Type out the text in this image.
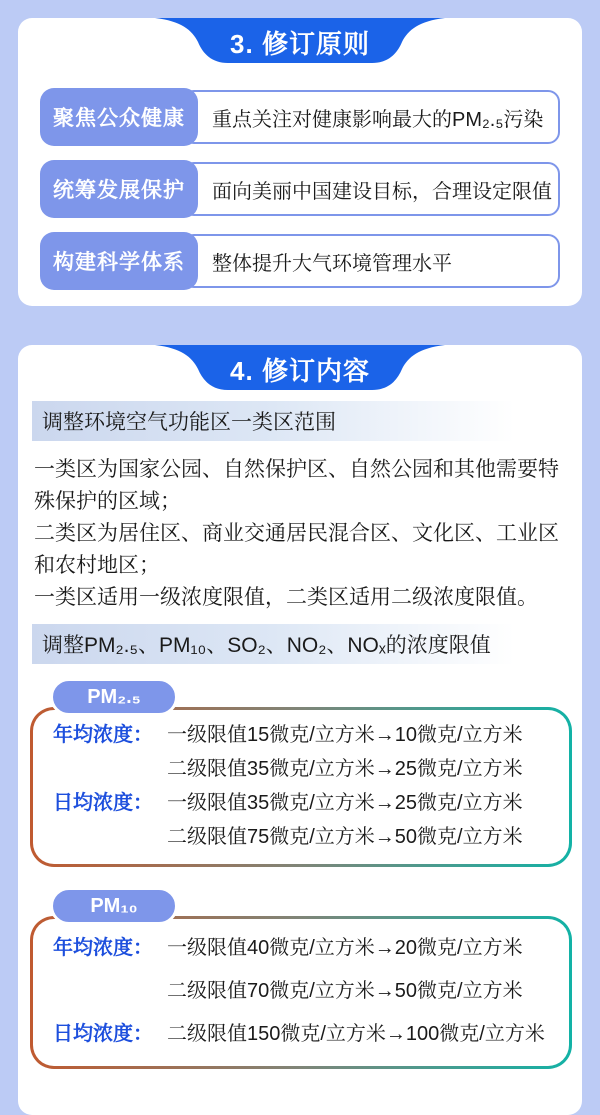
3. 修订原则
聚焦公众健康	重点关注对健康影响最大的PM₂.₅污染
统筹发展保护	面向美丽中国建设目标，合理设定限值
构建科学体系	整体提升大气环境管理水平
4. 修订内容
调整环境空气功能区一类区范围

一类区为国家公园、自然保护区、自然公园和其他需要特殊保护的区域；

二类区为居住区、商业交通居民混合区、文化区、工业区和农村地区；

一类区适用一级浓度限值，二类区适用二级浓度限值。

调整PM₂.₅、PM₁₀、SO₂、NO₂、NOₓ的浓度限值
PM₂.₅
年均浓度： 一级限值15微克/立方米→10微克/立方米
二级限值35微克/立方米→25微克/立方米
日均浓度： 一级限值35微克/立方米→25微克/立方米
二级限值75微克/立方米→50微克/立方米
PM₁₀
年均浓度： 一级限值40微克/立方米→20微克/立方米
二级限值70微克/立方米→50微克/立方米
日均浓度： 二级限值150微克/立方米→100微克/立方米
